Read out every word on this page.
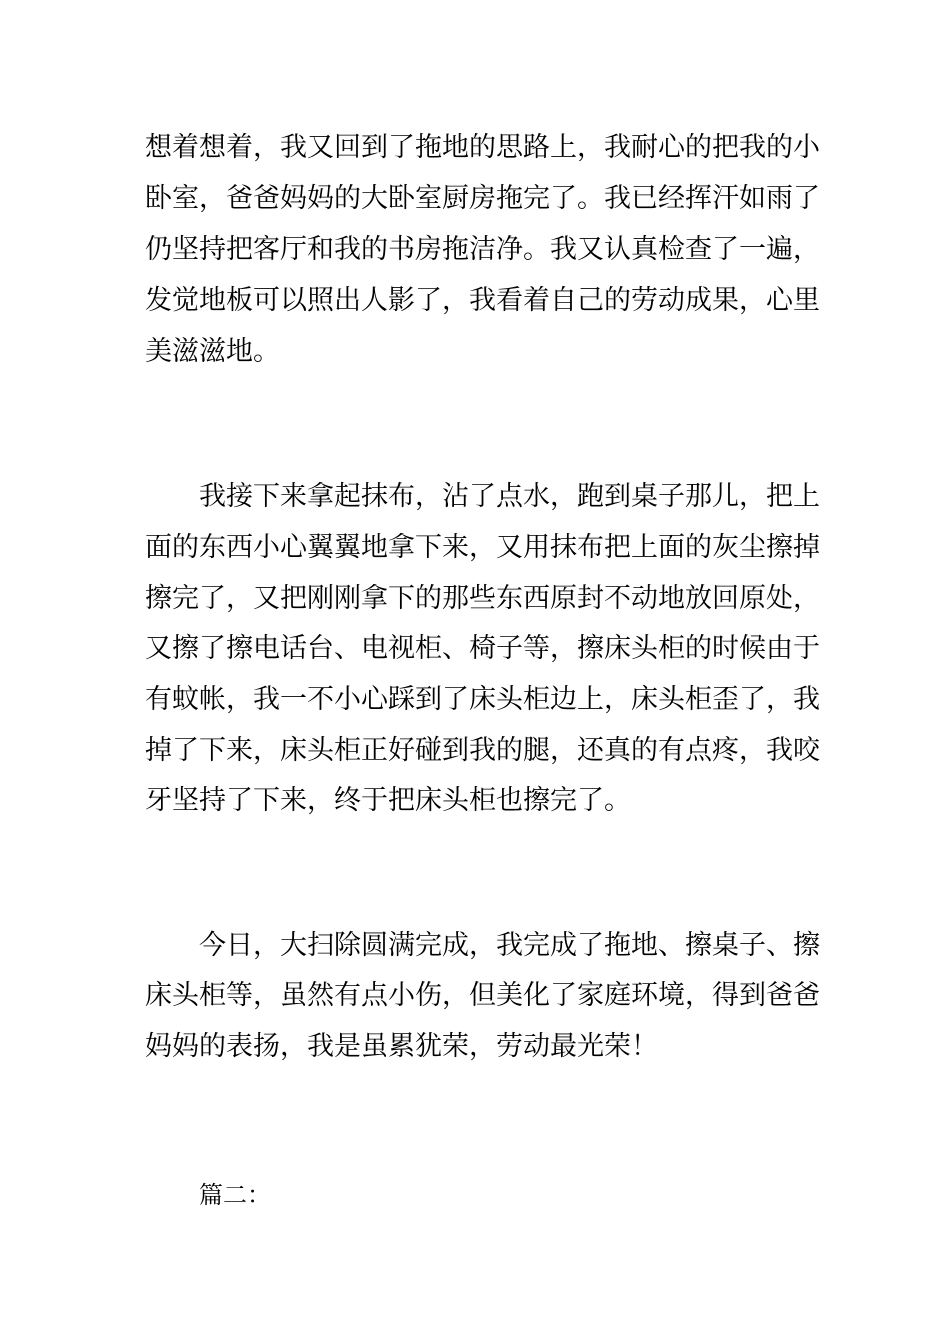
想着想着，我又回到了拖地的思路上，我耐心的把我的小
卧室，爸爸妈妈的大卧室厨房拖完了。我已经挥汗如雨了
仍坚持把客厅和我的书房拖洁净。我又认真检查了一遍，
发觉地板可以照出人影了，我看着自己的劳动成果，心里
美滋滋地。
我接下来拿起抹布，沾了点水，跑到桌子那儿，把上
面的东西小心翼翼地拿下来，又用抹布把上面的灰尘擦掉
擦完了，又把刚刚拿下的那些东西原封不动地放回原处，
又擦了擦电话台、电视柜、椅子等，擦床头柜的时候由于
有蚊帐，我一不小心踩到了床头柜边上，床头柜歪了，我
掉了下来，床头柜正好碰到我的腿，还真的有点疼，我咬
牙坚持了下来，终于把床头柜也擦完了。
今日，大扫除圆满完成，我完成了拖地、擦桌子、擦
床头柜等，虽然有点小伤，但美化了家庭环境，得到爸爸
妈妈的表扬，我是虽累犹荣，劳动最光荣！
篇二：
